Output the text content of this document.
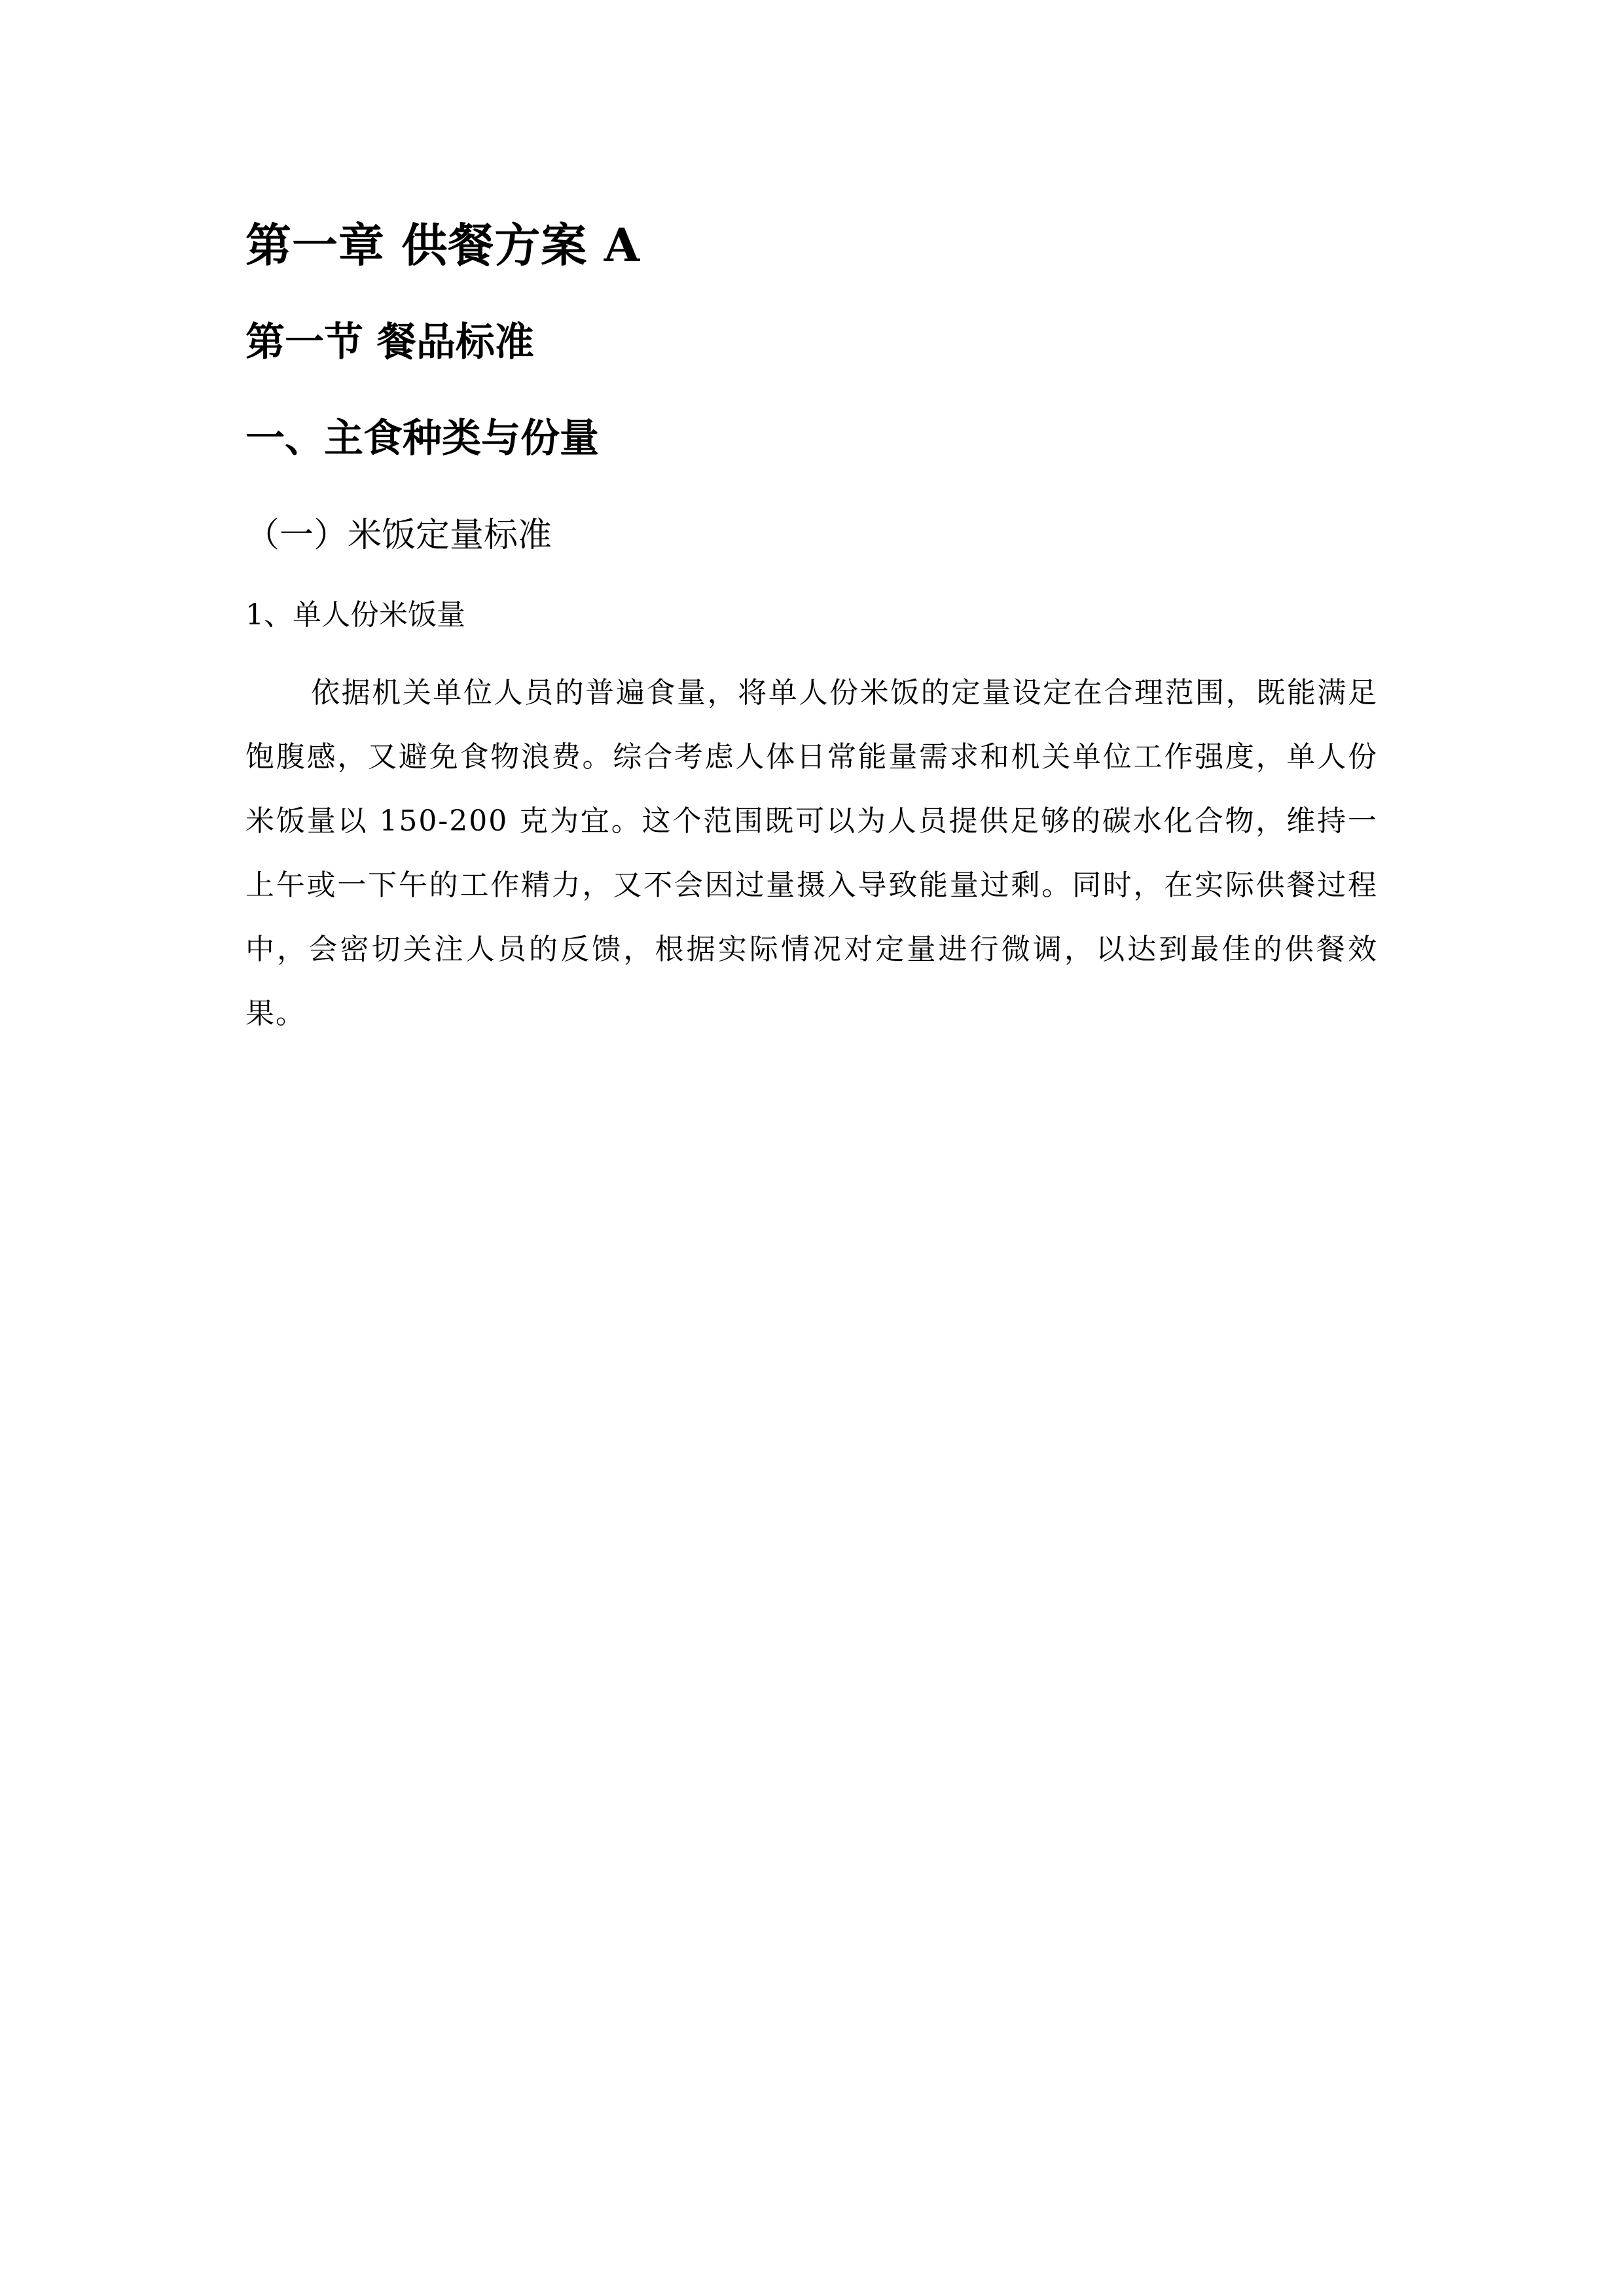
第一章 供餐方案 A
第一节 餐品标准
一、主食种类与份量
（一）米饭定量标准
1、单人份米饭量

依据机关单位人员的普遍食量，将单人份米饭的定量设定在合理范围，既能满足饱腹感，又避免食物浪费。综合考虑人体日常能量需求和机关单位工作强度，单人份米饭量以 150-200 克为宜。这个范围既可以为人员提供足够的碳水化合物，维持一上午或一下午的工作精力，又不会因过量摄入导致能量过剩。同时，在实际供餐过程中，会密切关注人员的反馈，根据实际情况对定量进行微调，以达到最佳的供餐效果。
